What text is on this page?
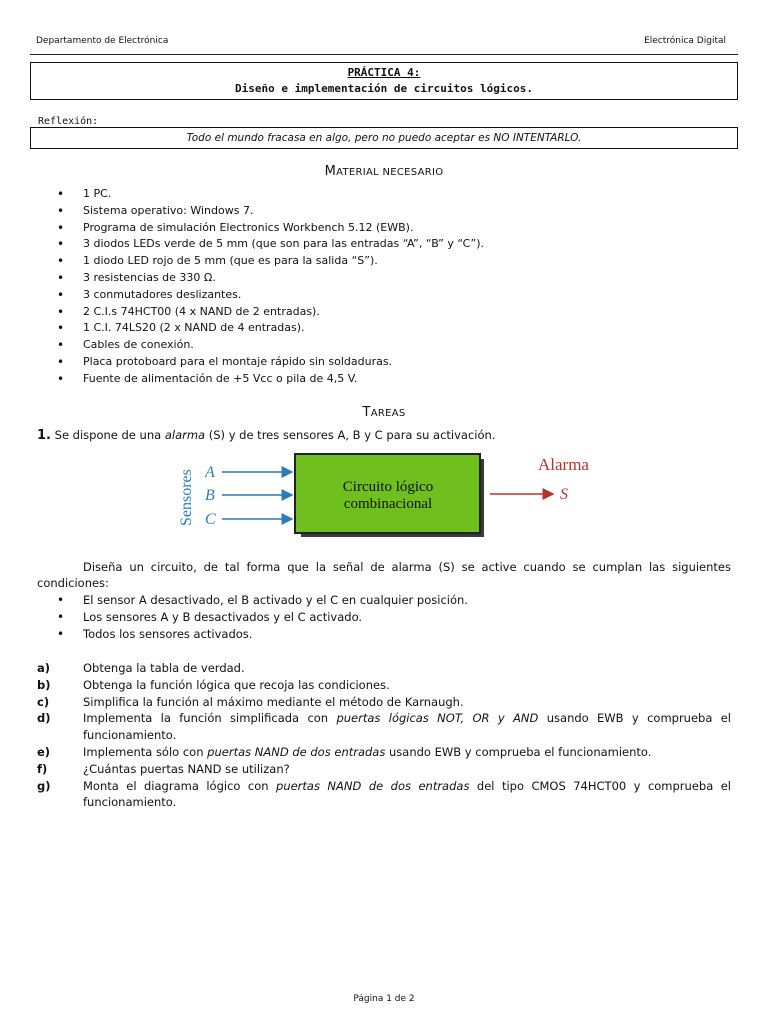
Departamento de Electrónica	Electrónica Digital
PRÁCTICA 4:
Diseño e implementación de circuitos lógicos.
Reflexión:
Todo el mundo fracasa en algo, pero no puedo aceptar es NO INTENTARLO.
MATERIAL NECESARIO
• 1 PC.
• Sistema operativo: Windows 7.
• Programa de simulación Electronics Workbench 5.12 (EWB).
• 3 diodos LEDs verde de 5 mm (que son para las entradas “A”, “B” y “C”).
• 1 diodo LED rojo de 5 mm (que es para la salida “S”).
• 3 resistencias de 330 Ω.
• 3 conmutadores deslizantes.
• 2 C.I.s 74HCT00 (4 x NAND de 2 entradas).
• 1 C.I. 74LS20 (2 x NAND de 4 entradas).
• Cables de conexión.
• Placa protoboard para el montaje rápido sin soldaduras.
• Fuente de alimentación de +5 Vcc o pila de 4,5 V.
TAREAS
1. Se dispone de una alarma (S) y de tres sensores A, B y C para su activación.
Sensores A
B
C
Circuito lógico
combinacional
Alarma
S
Diseña un circuito, de tal forma que la señal de alarma (S) se active cuando se cumplan las siguientes condiciones:
• El sensor A desactivado, el B activado y el C en cualquier posición.
• Los sensores A y B desactivados y el C activado.
• Todos los sensores activados.
a)	Obtenga la tabla de verdad.
b)	Obtenga la función lógica que recoja las condiciones.
c)	Simplifica la función al máximo mediante el método de Karnaugh.
d)	Implementa la función simplificada con puertas lógicas NOT, OR y AND usando EWB y comprueba el funcionamiento.
e)	Implementa sólo con puertas NAND de dos entradas usando EWB y comprueba el funcionamiento.
f)	¿Cuántas puertas NAND se utilizan?
g)	Monta el diagrama lógico con puertas NAND de dos entradas del tipo CMOS 74HCT00 y comprueba el funcionamiento.
Página 1 de 2
